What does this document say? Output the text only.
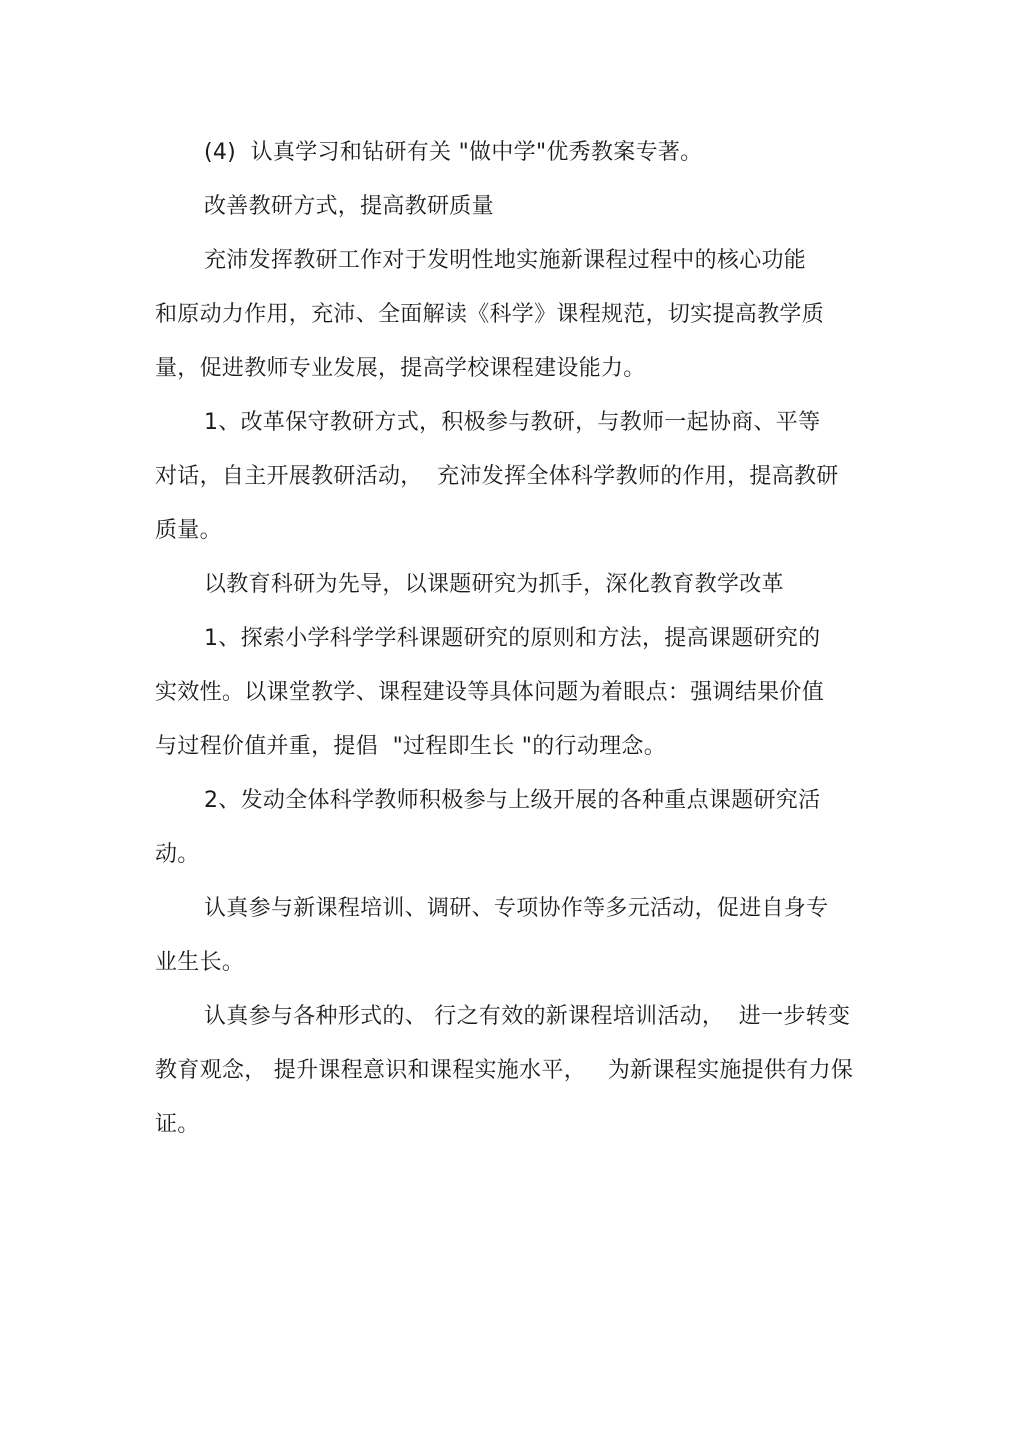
(4)  认真学习和钻研有关 "做中学"优秀教案专著。
改善教研方式，提高教研质量
充沛发挥教研工作对于发明性地实施新课程过程中的核心功能
和原动力作用，充沛、全面解读《科学》课程规范，切实提高教学质
量，促进教师专业发展，提高学校课程建设能力。
1、改革保守教研方式，积极参与教研，与教师一起协商、平等
对话，自主开展教研活动，  充沛发挥全体科学教师的作用，提高教研
质量。
以教育科研为先导，以课题研究为抓手，深化教育教学改革
1、探索小学科学学科课题研究的原则和方法，提高课题研究的
实效性。以课堂教学、课程建设等具体问题为着眼点：强调结果价值
与过程价值并重，提倡  "过程即生长 "的行动理念。
2、发动全体科学教师积极参与上级开展的各种重点课题研究活
动。
认真参与新课程培训、调研、专项协作等多元活动，促进自身专
业生长。
认真参与各种形式的、 行之有效的新课程培训活动，  进一步转变
教育观念， 提升课程意识和课程实施水平，   为新课程实施提供有力保
证。
